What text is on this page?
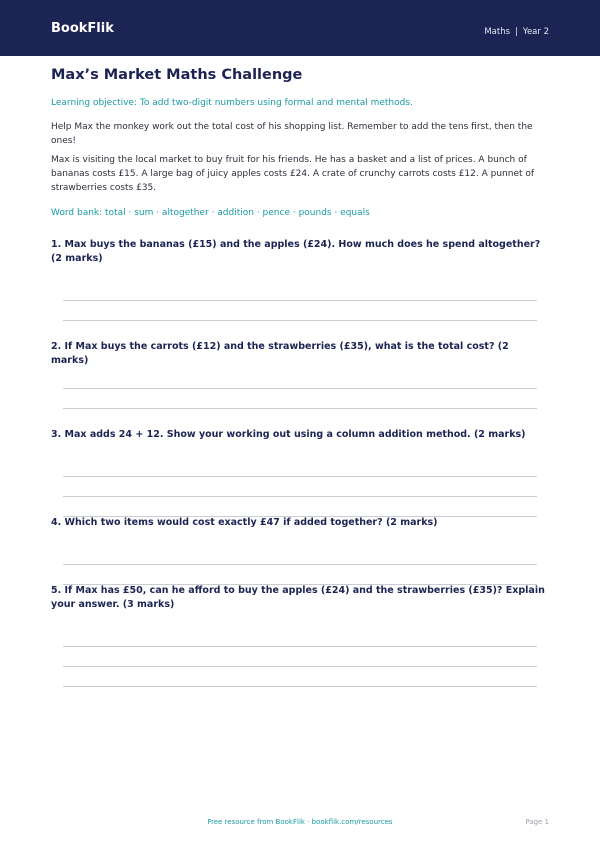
BookFlik	Maths | Year 2
Max’s Market Maths Challenge

Learning objective: To add two-digit numbers using formal and mental methods.

Help Max the monkey work out the total cost of his shopping list. Remember to add the tens first, then the ones!

Max is visiting the local market to buy fruit for his friends. He has a basket and a list of prices. A bunch of bananas costs £15. A large bag of juicy apples costs £24. A crate of crunchy carrots costs £12. A punnet of strawberries costs £35.

Word bank: total · sum · altogether · addition · pence · pounds · equals

1. Max buys the bananas (£15) and the apples (£24). How much does he spend altogether? (2 marks)

2. If Max buys the carrots (£12) and the strawberries (£35), what is the total cost? (2 marks)

3. Max adds 24 + 12. Show your working out using a column addition method. (2 marks)

4. Which two items would cost exactly £47 if added together? (2 marks)

5. If Max has £50, can he afford to buy the apples (£24) and the strawberries (£35)? Explain your answer. (3 marks)

Free resource from BookFlik · bookflik.com/resources	Page 1
